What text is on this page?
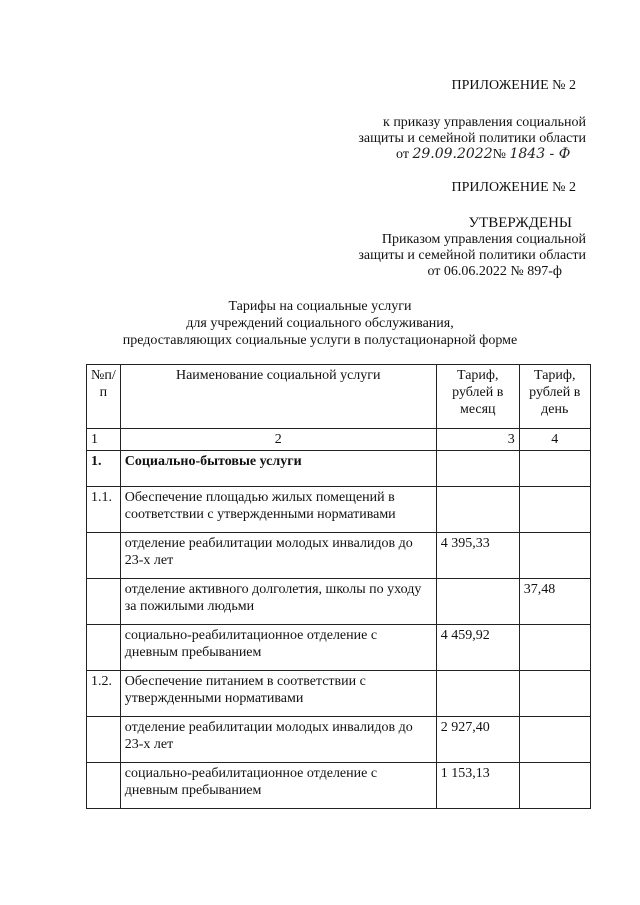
ПРИЛОЖЕНИЕ № 2
к приказу управления социальной
защиты и семейной политики области
от 29.09.2022№ 1843 - Ф
ПРИЛОЖЕНИЕ № 2
УТВЕРЖДЕНЫ
Приказом управления социальной
защиты и семейной политики области
от 06.06.2022 № 897-ф
Тарифы на социальные услуги
для учреждений социального обслуживания,
предоставляющих социальные услуги в полустационарной форме
№п/п	Наименование социальной услуги	Тариф, рублей в месяц	Тариф, рублей в день
1	2	3	4
1.	Социально-бытовые услуги		
1.1.	Обеспечение площадью жилых помещений в соответствии с утвержденными нормативами		
	отделение реабилитации молодых инвалидов до 23-х лет	4 395,33	
	отделение активного долголетия, школы по уходу за пожилыми людьми		37,48
	социально-реабилитационное отделение с дневным пребыванием	4 459,92	
1.2.	Обеспечение питанием в соответствии с утвержденными нормативами		
	отделение реабилитации молодых инвалидов до 23-х лет	2 927,40	
	социально-реабилитационное отделение с дневным пребыванием	1 153,13	
